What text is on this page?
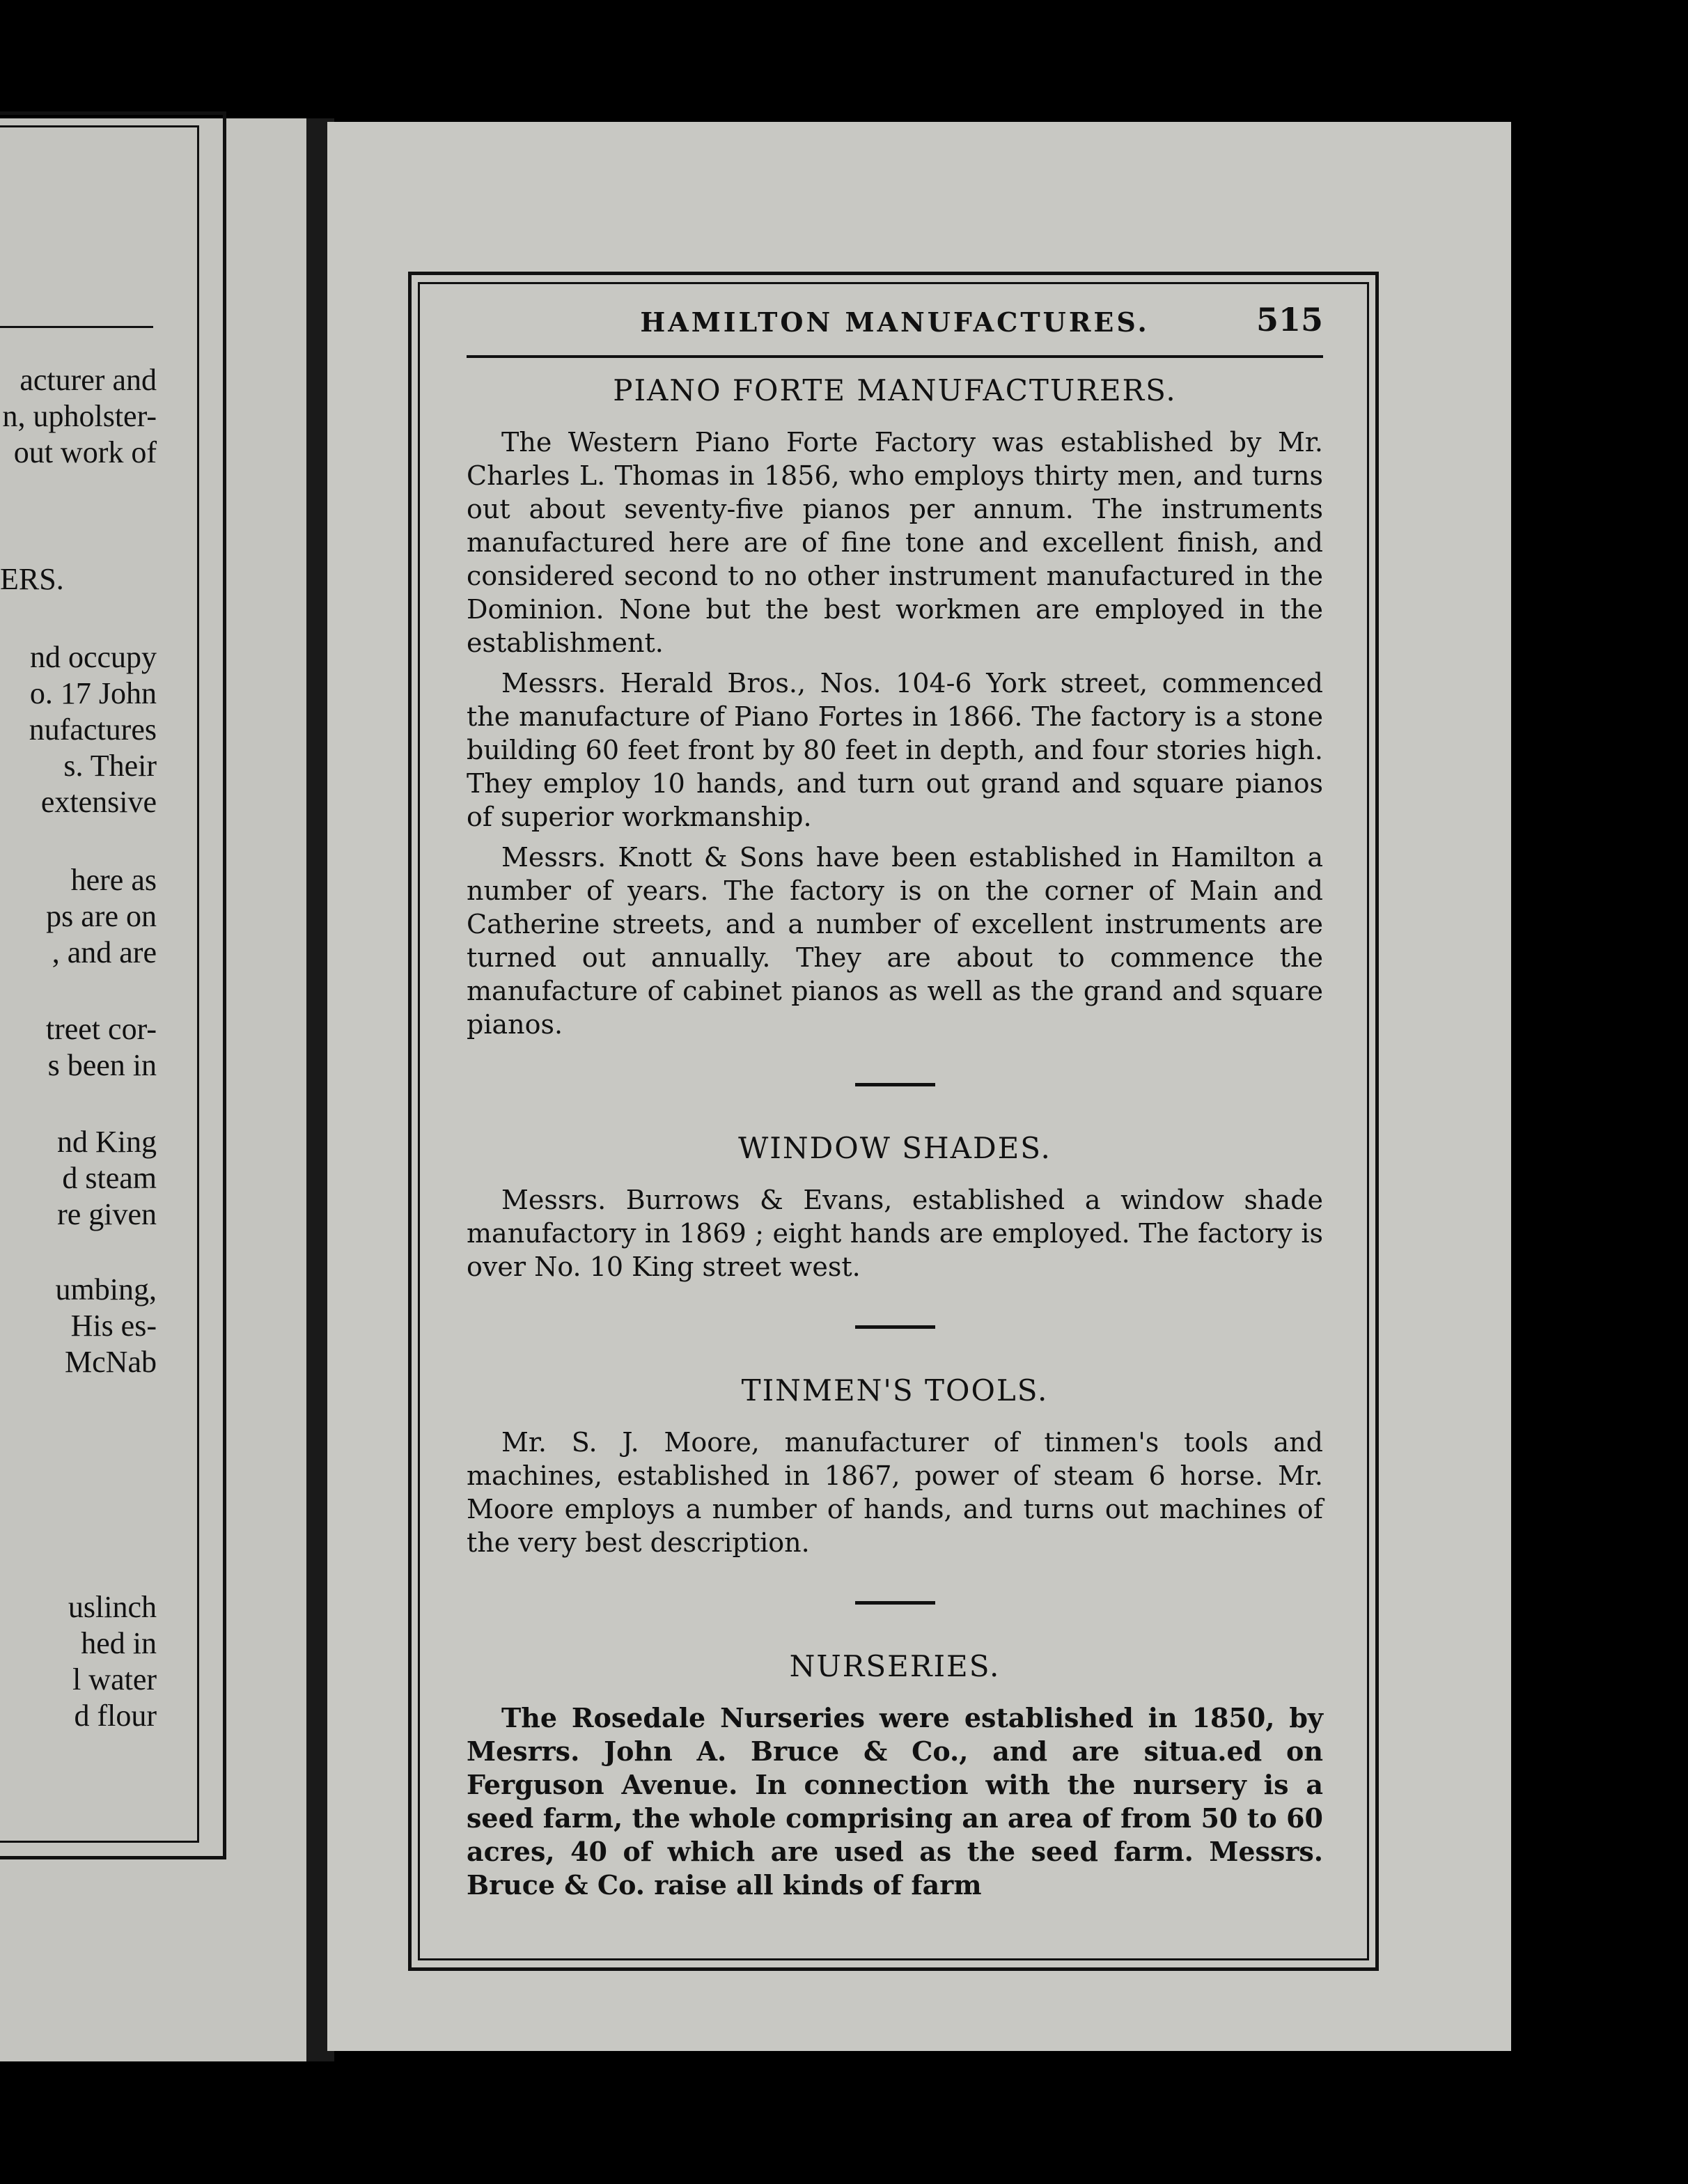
acturer and
n, upholster-
out work of
ERS.
nd occupy
o. 17 John
nufactures
s. Their
extensive
here as
ps are on
, and are
treet cor-
s been in
nd King
d steam
re given
umbing,
His es-
McNab
uslinch
hed in
l water
d flour
HAMILTON MANUFACTURES.	515
PIANO FORTE MANUFACTURERS.

The Western Piano Forte Factory was established by Mr. Charles L. Thomas in 1856, who employs thirty men, and turns out about seventy-five pianos per annum. The instruments manufactured here are of fine tone and excellent finish, and considered second to no other instrument manufactured in the Dominion. None but the best workmen are employed in the establishment.

Messrs. Herald Bros., Nos. 104-6 York street, commenced the manufacture of Piano Fortes in 1866. The factory is a stone building 60 feet front by 80 feet in depth, and four stories high. They employ 10 hands, and turn out grand and square pianos of superior workmanship.

Messrs. Knott & Sons have been established in Hamilton a number of years. The factory is on the corner of Main and Catherine streets, and a number of excellent instruments are turned out annually. They are about to commence the manufacture of cabinet pianos as well as the grand and square pianos.

WINDOW SHADES.

Messrs. Burrows & Evans, established a window shade manufactory in 1869 ; eight hands are employed. The factory is over No. 10 King street west.

TINMEN'S TOOLS.

Mr. S. J. Moore, manufacturer of tinmen's tools and machines, established in 1867, power of steam 6 horse. Mr. Moore employs a number of hands, and turns out machines of the very best description.

NURSERIES.

The Rosedale Nurseries were established in 1850, by Mesrrs. John A. Bruce & Co., and are situa.ed on Ferguson Avenue. In connection with the nursery is a seed farm, the whole comprising an area of from 50 to 60 acres, 40 of which are used as the seed farm. Messrs. Bruce & Co. raise all kinds of farm
